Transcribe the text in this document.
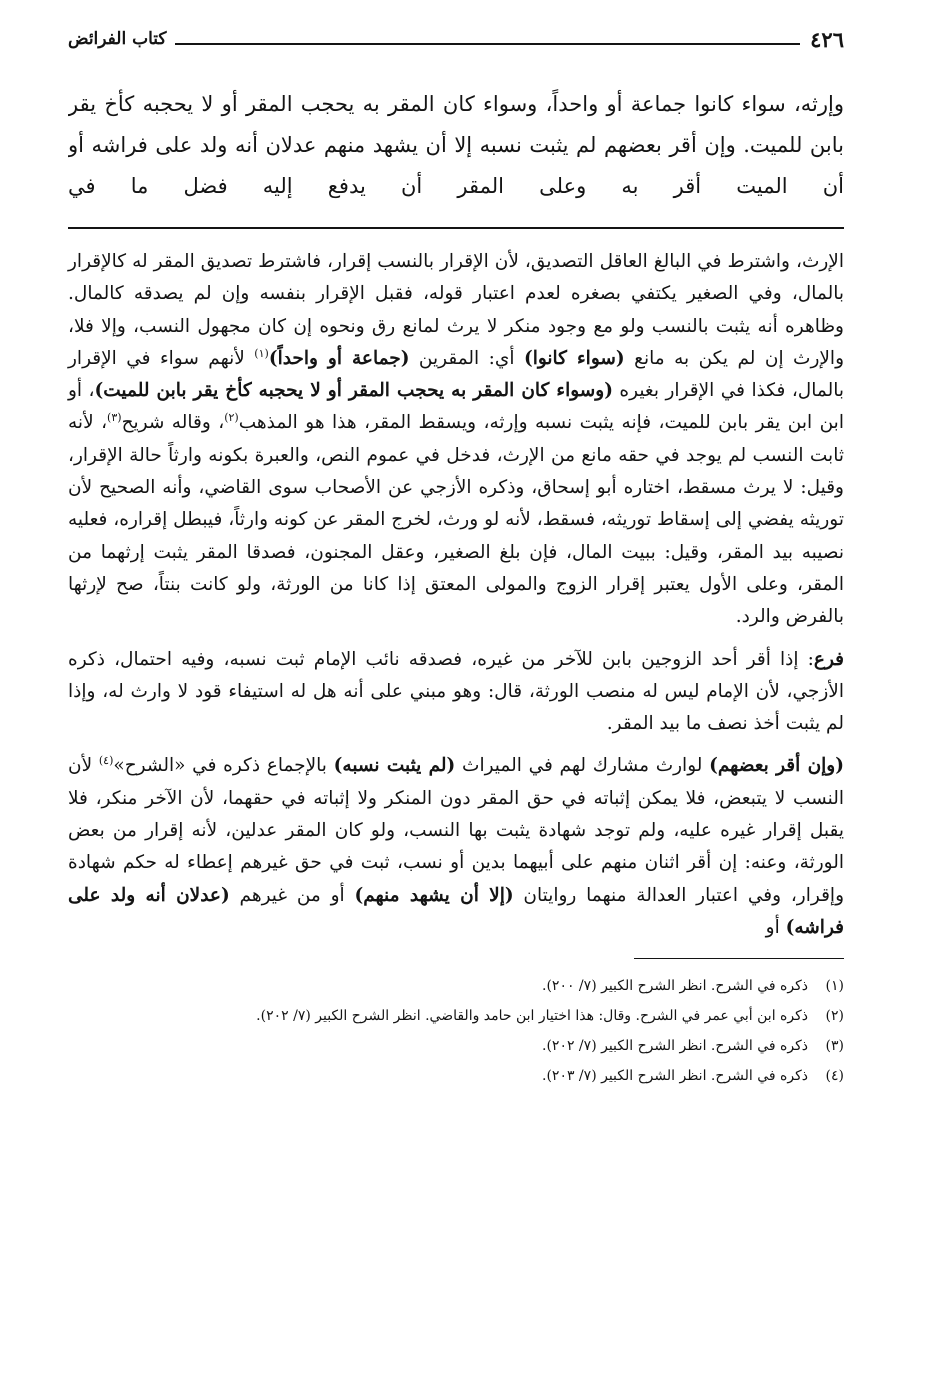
٤٢٦
كتاب الفرائض
وإرثه، سواء كانوا جماعة أو واحداً، وسواء كان المقر به يحجب المقر أو لا يحجبه كأخ يقر بابن للميت. وإن أقر بعضهم لم يثبت نسبه إلا أن يشهد منهم عدلان أنه ولد على فراشه أو أن الميت أقر به وعلى المقر أن يدفع إليه فضل ما في

الإرث، واشترط في البالغ العاقل التصديق، لأن الإقرار بالنسب إقرار، فاشترط تصديق المقر له كالإقرار بالمال، وفي الصغير يكتفي بصغره لعدم اعتبار قوله، فقبل الإقرار بنفسه وإن لم يصدقه كالمال. وظاهره أنه يثبت بالنسب ولو مع وجود منكر لا يرث لمانع رق ونحوه إن كان مجهول النسب، وإلا فلا، والإرث إن لم يكن به مانع (سواء كانوا) أي: المقرين (جماعة أو واحداً)$^{(١)}$ لأنهم سواء في الإقرار بالمال، فكذا في الإقرار بغيره (وسواء كان المقر به يحجب المقر أو لا يحجبه كأخ يقر بابن للميت)، أو ابن ابن يقر بابن للميت، فإنه يثبت نسبه وإرثه، ويسقط المقر، هذا هو المذهب$^{(٢)}$، وقاله شريح$^{(٣)}$، لأنه ثابت النسب لم يوجد في حقه مانع من الإرث، فدخل في عموم النص، والعبرة بكونه وارثاً حالة الإقرار، وقيل: لا يرث مسقط، اختاره أبو إسحاق، وذكره الأزجي عن الأصحاب سوى القاضي، وأنه الصحيح لأن توريثه يفضي إلى إسقاط توريثه، فسقط، لأنه لو ورث، لخرج المقر عن كونه وارثاً، فيبطل إقراره، فعليه نصيبه بيد المقر، وقيل: ببيت المال، فإن بلغ الصغير، وعقل المجنون، فصدقا المقر يثبت إرثهما من المقر، وعلى الأول يعتبر إقرار الزوج والمولى المعتق إذا كانا من الورثة، ولو كانت بنتاً، صح لإرثها بالفرض والرد.

فرع: إذا أقر أحد الزوجين بابن للآخر من غيره، فصدقه نائب الإمام ثبت نسبه، وفيه احتمال، ذكره الأزجي، لأن الإمام ليس له منصب الورثة، قال: وهو مبني على أنه هل له استيفاء قود لا وارث له، وإذا لم يثبت أخذ نصف ما بيد المقر.

(وإن أقر بعضهم) لوارث مشارك لهم في الميراث (لم يثبت نسبه) بالإجماع ذكره في «الشرح»$^{(٤)}$ لأن النسب لا يتبعض، فلا يمكن إثباته في حق المقر دون المنكر ولا إثباته في حقهما، لأن الآخر منكر، فلا يقبل إقرار غيره عليه، ولم توجد شهادة يثبت بها النسب، ولو كان المقر عدلين، لأنه إقرار من بعض الورثة، وعنه: إن أقر اثنان منهم على أبيهما بدين أو نسب، ثبت في حق غيرهم إعطاء له حكم شهادة وإقرار، وفي اعتبار العدالة منهما روايتان (إلا أن يشهد منهم) أو من غيرهم (عدلان أنه ولد على فراشه) أو

(١)
ذكره في الشرح. انظر الشرح الكبير (٧/ ٢٠٠).
(٢)
ذكره ابن أبي عمر في الشرح. وقال: هذا اختيار ابن حامد والقاضي. انظر الشرح الكبير (٧/ ٢٠٢).
(٣)
ذكره في الشرح. انظر الشرح الكبير (٧/ ٢٠٢).
(٤)
ذكره في الشرح. انظر الشرح الكبير (٧/ ٢٠٣).
